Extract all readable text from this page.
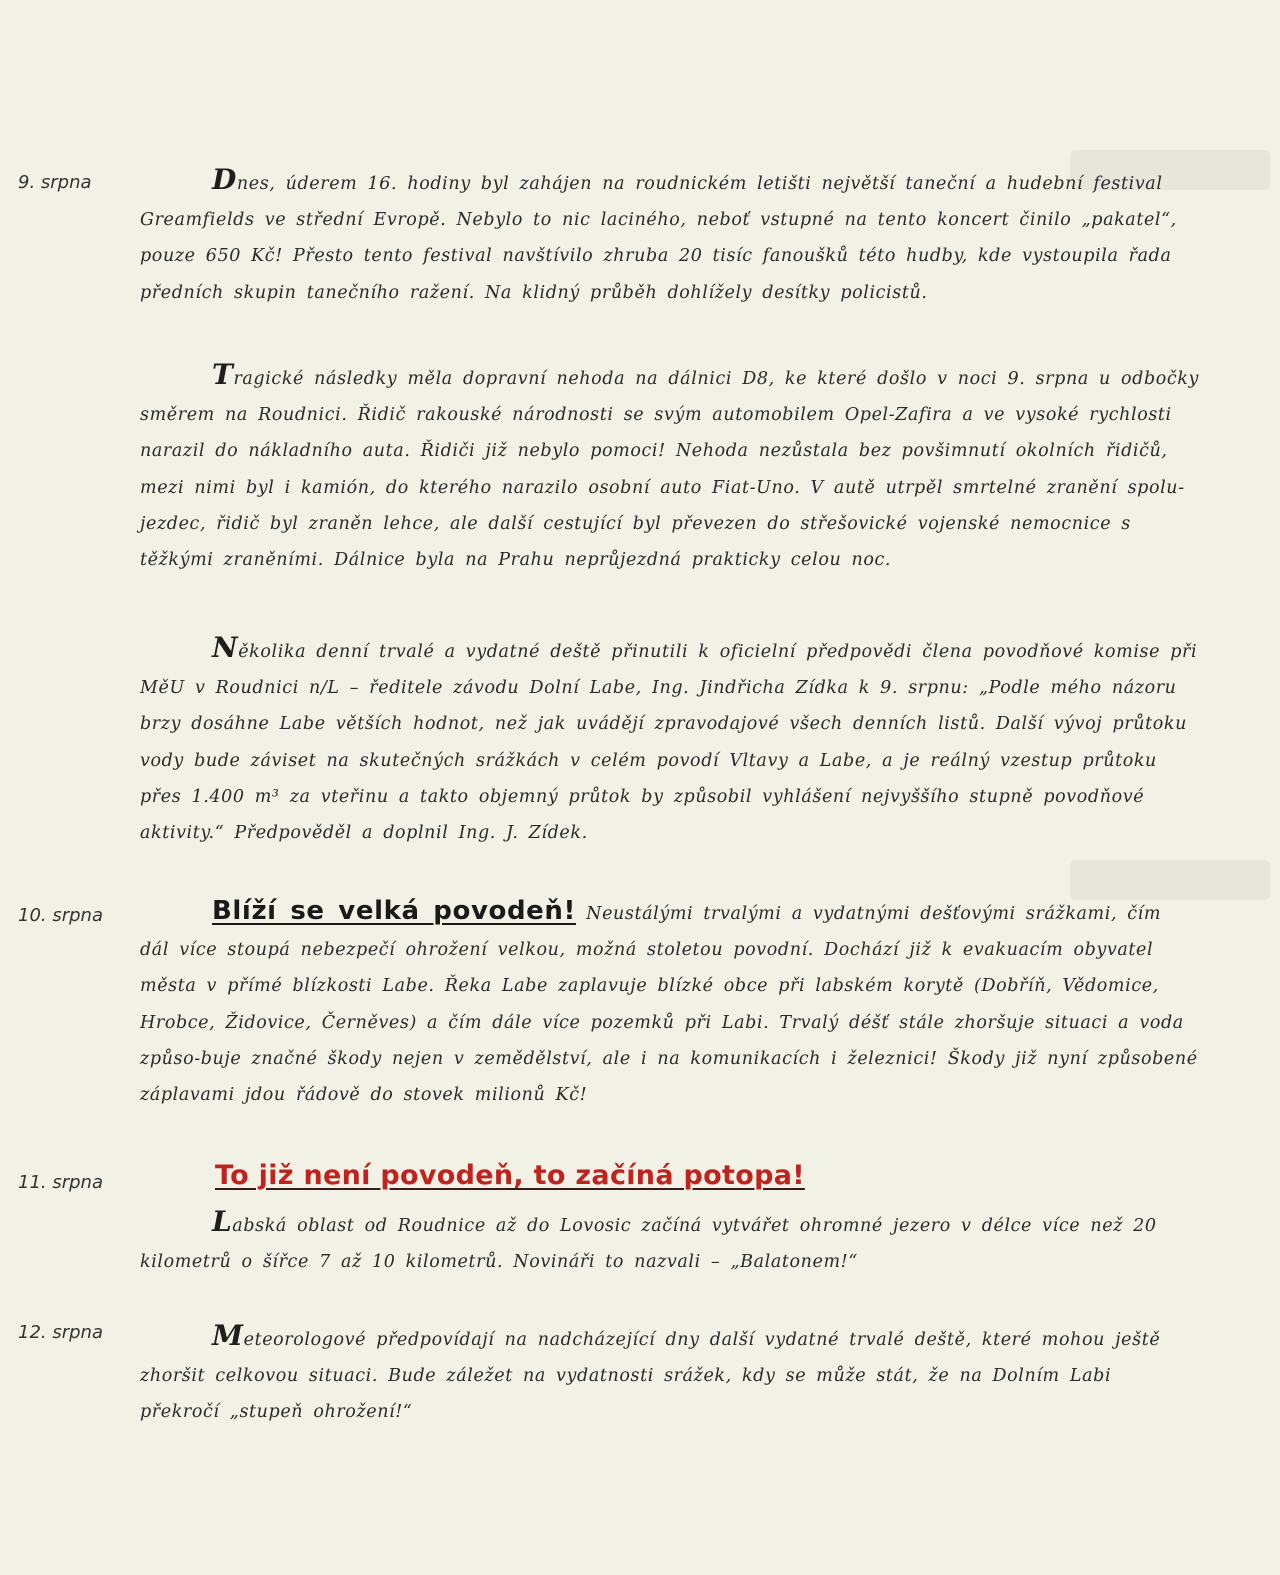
9. srpna	Dnes, úderem 16. hodiny byl zahájen na roudnickém letišti největší taneční a hudební festival Greamfields ve střední Evropě. Nebylo to nic lacinéhо, neboť vstupné na tento koncert činilo „pakatel“, pouze 650 Kč! Přesto tento festival navštívilo zhruba 20 tisíc fanoušků této hudby, kde vystoupila řada předních skupin tanečního ražení. Na klidný průběh dohlížely desítky policistů.

Tragické následky měla dopravní nehoda na dálnici D8, ke které došlo v noci 9. srpna u odbočky směrem na Roudnici. Řidič rakouské národnosti se svým automobilem Opel-Zafira a ve vysoké rychlosti narazil do nákladního auta. Řidiči již nebylo pomoci! Nehoda nezůstala bez povšimnutí okolních řidičů, mezi nimi byl i kamión, do kterého narazilo osobní auto Fiat-Uno. V autě utrpěl smrtelné zranění spolu-jezdec, řidič byl zraněn lehce, ale další cestující byl převezen do střešovické vojenské nemocnice s těžkými zraněními. Dálnice byla na Prahu neprůjezdná prakticky celou noc.

Několika denní trvalé a vydatné deště přinutili k oficielní předpovědi člena povodňové komise při MěU v Roudnici n/L – ředitele závodu Dolní Labe, Ing. Jindřicha Zídka k 9. srpnu: „Podle mého názoru brzy dosáhne Labe větších hodnot, než jak uvádějí zpravodajové všech denních listů. Další vývoj průtoku vody bude záviset na skutečných srážkách v celém povodí Vltavy a Labe, a je reálný vzestup průtoku přes 1.400 m³ za vteřinu a takto objemný průtok by způsobil vyhlášení nejvyššího stupně povodňové aktivity.“ Předpověděl a doplnil Ing. J. Zídek.

10. srpna	Blíží se velká povodeň! Neustálými trvalými a vydatnými dešťovými srážkami, čím dál více stoupá nebezpečí ohrožení velkou, možná stoletou povodní. Dochází již k evakuacím obyvatel města v přímé blízkosti Labe. Řeka Labe zaplavuje blízké obce při labském korytě (Dobříň, Vědomice, Hrobce, Židovice, Černěves) a čím dále více pozemků při Labi. Trvalý déšť stále zhoršuje situaci a voda způso-buje značné škody nejen v zemědělství, ale i na komunikacích i železnici! Škody již nyní způsobené záplavami jdou řádově do stovek milionů Kč!

11. srpna	To již není povodeň, to začíná potopa!

Labská oblast od Roudnice až do Lovosic začíná vytvářet ohromné jezero v délce více než 20 kilometrů o šířce 7 až 10 kilometrů. Novináři to nazvali – „Balatonem!“

12. srpna	Meteorologové předpovídají na nadcházející dny další vydatné trvalé deště, které mohou ještě zhoršit celkovou situaci. Bude záležet na vydatnosti srážek, kdy se může stát, že na Dolním Labi překročí „stupeň ohrožení!“
